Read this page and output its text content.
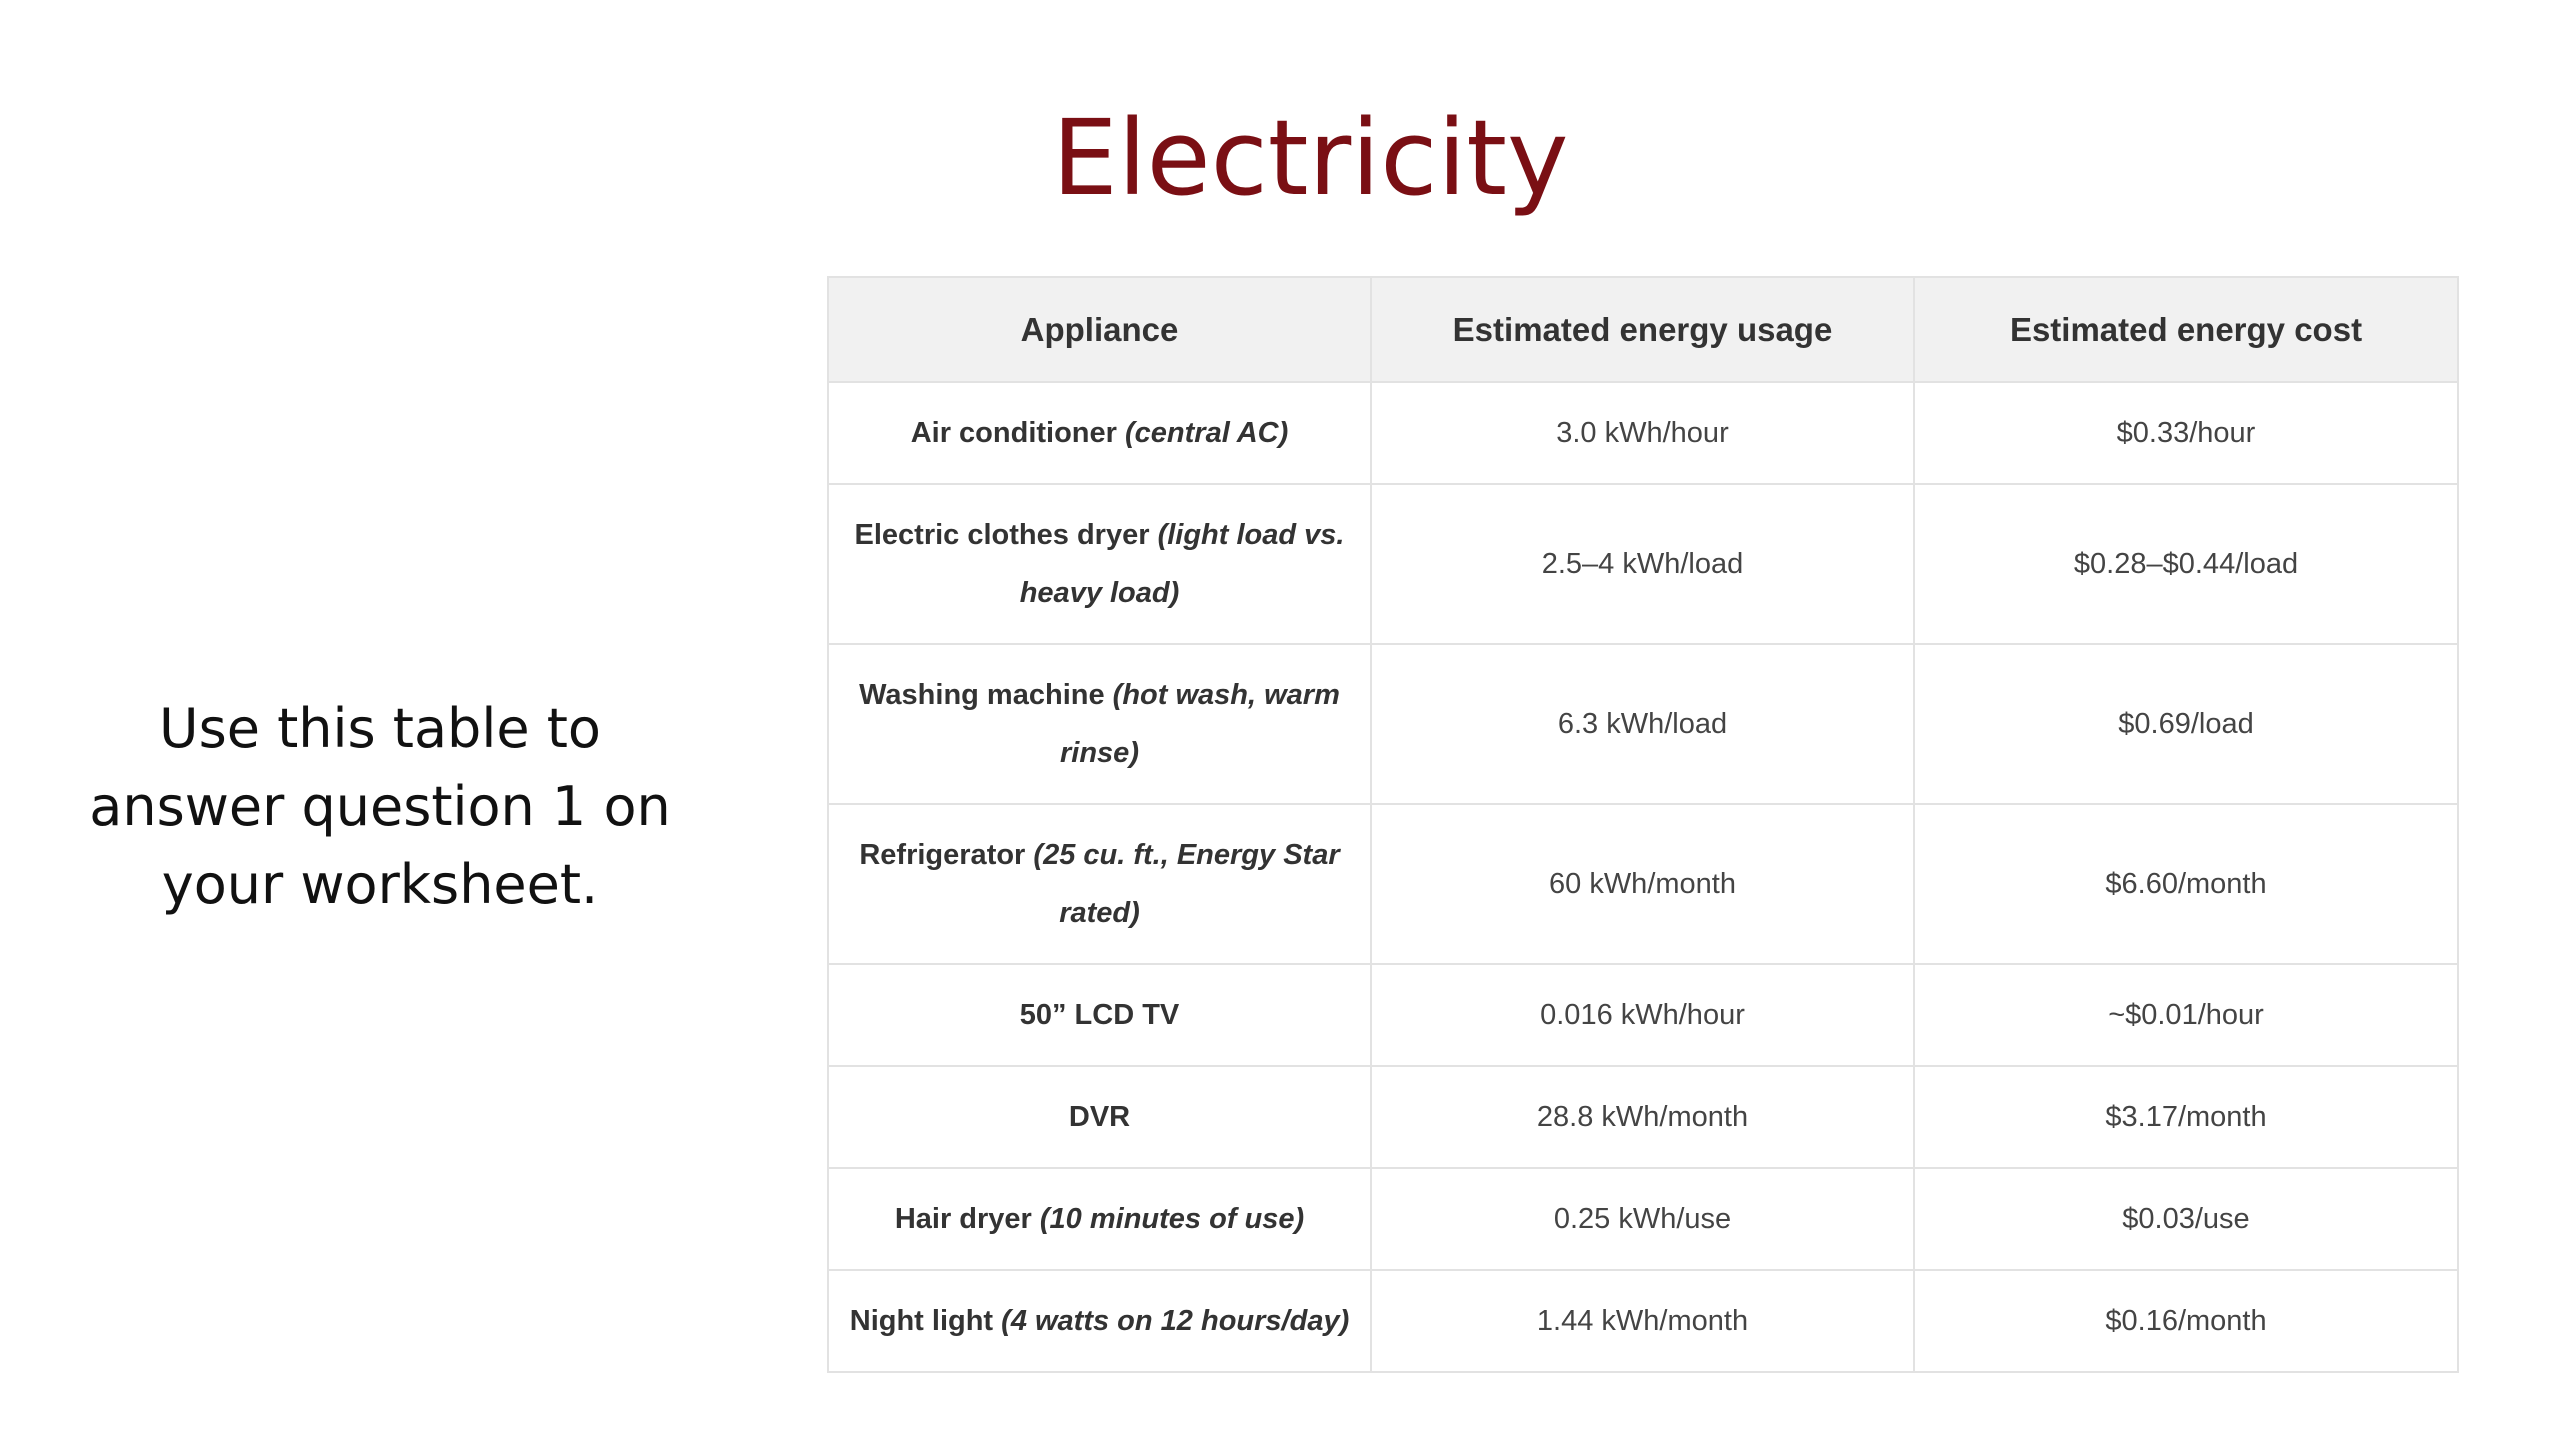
Electricity
Use this table to answer question 1 on your worksheet.
Appliance	Estimated energy usage	Estimated energy cost
Air conditioner (central AC)	3.0 kWh/hour	$0.33/hour
Electric clothes dryer (light load vs. heavy load)	2.5–4 kWh/load	$0.28–$0.44/load
Washing machine (hot wash, warm rinse)	6.3 kWh/load	$0.69/load
Refrigerator (25 cu. ft., Energy Star rated)	60 kWh/month	$6.60/month
50” LCD TV	0.016 kWh/hour	~$0.01/hour
DVR	28.8 kWh/month	$3.17/month
Hair dryer (10 minutes of use)	0.25 kWh/use	$0.03/use
Night light (4 watts on 12 hours/day)	1.44 kWh/month	$0.16/month
